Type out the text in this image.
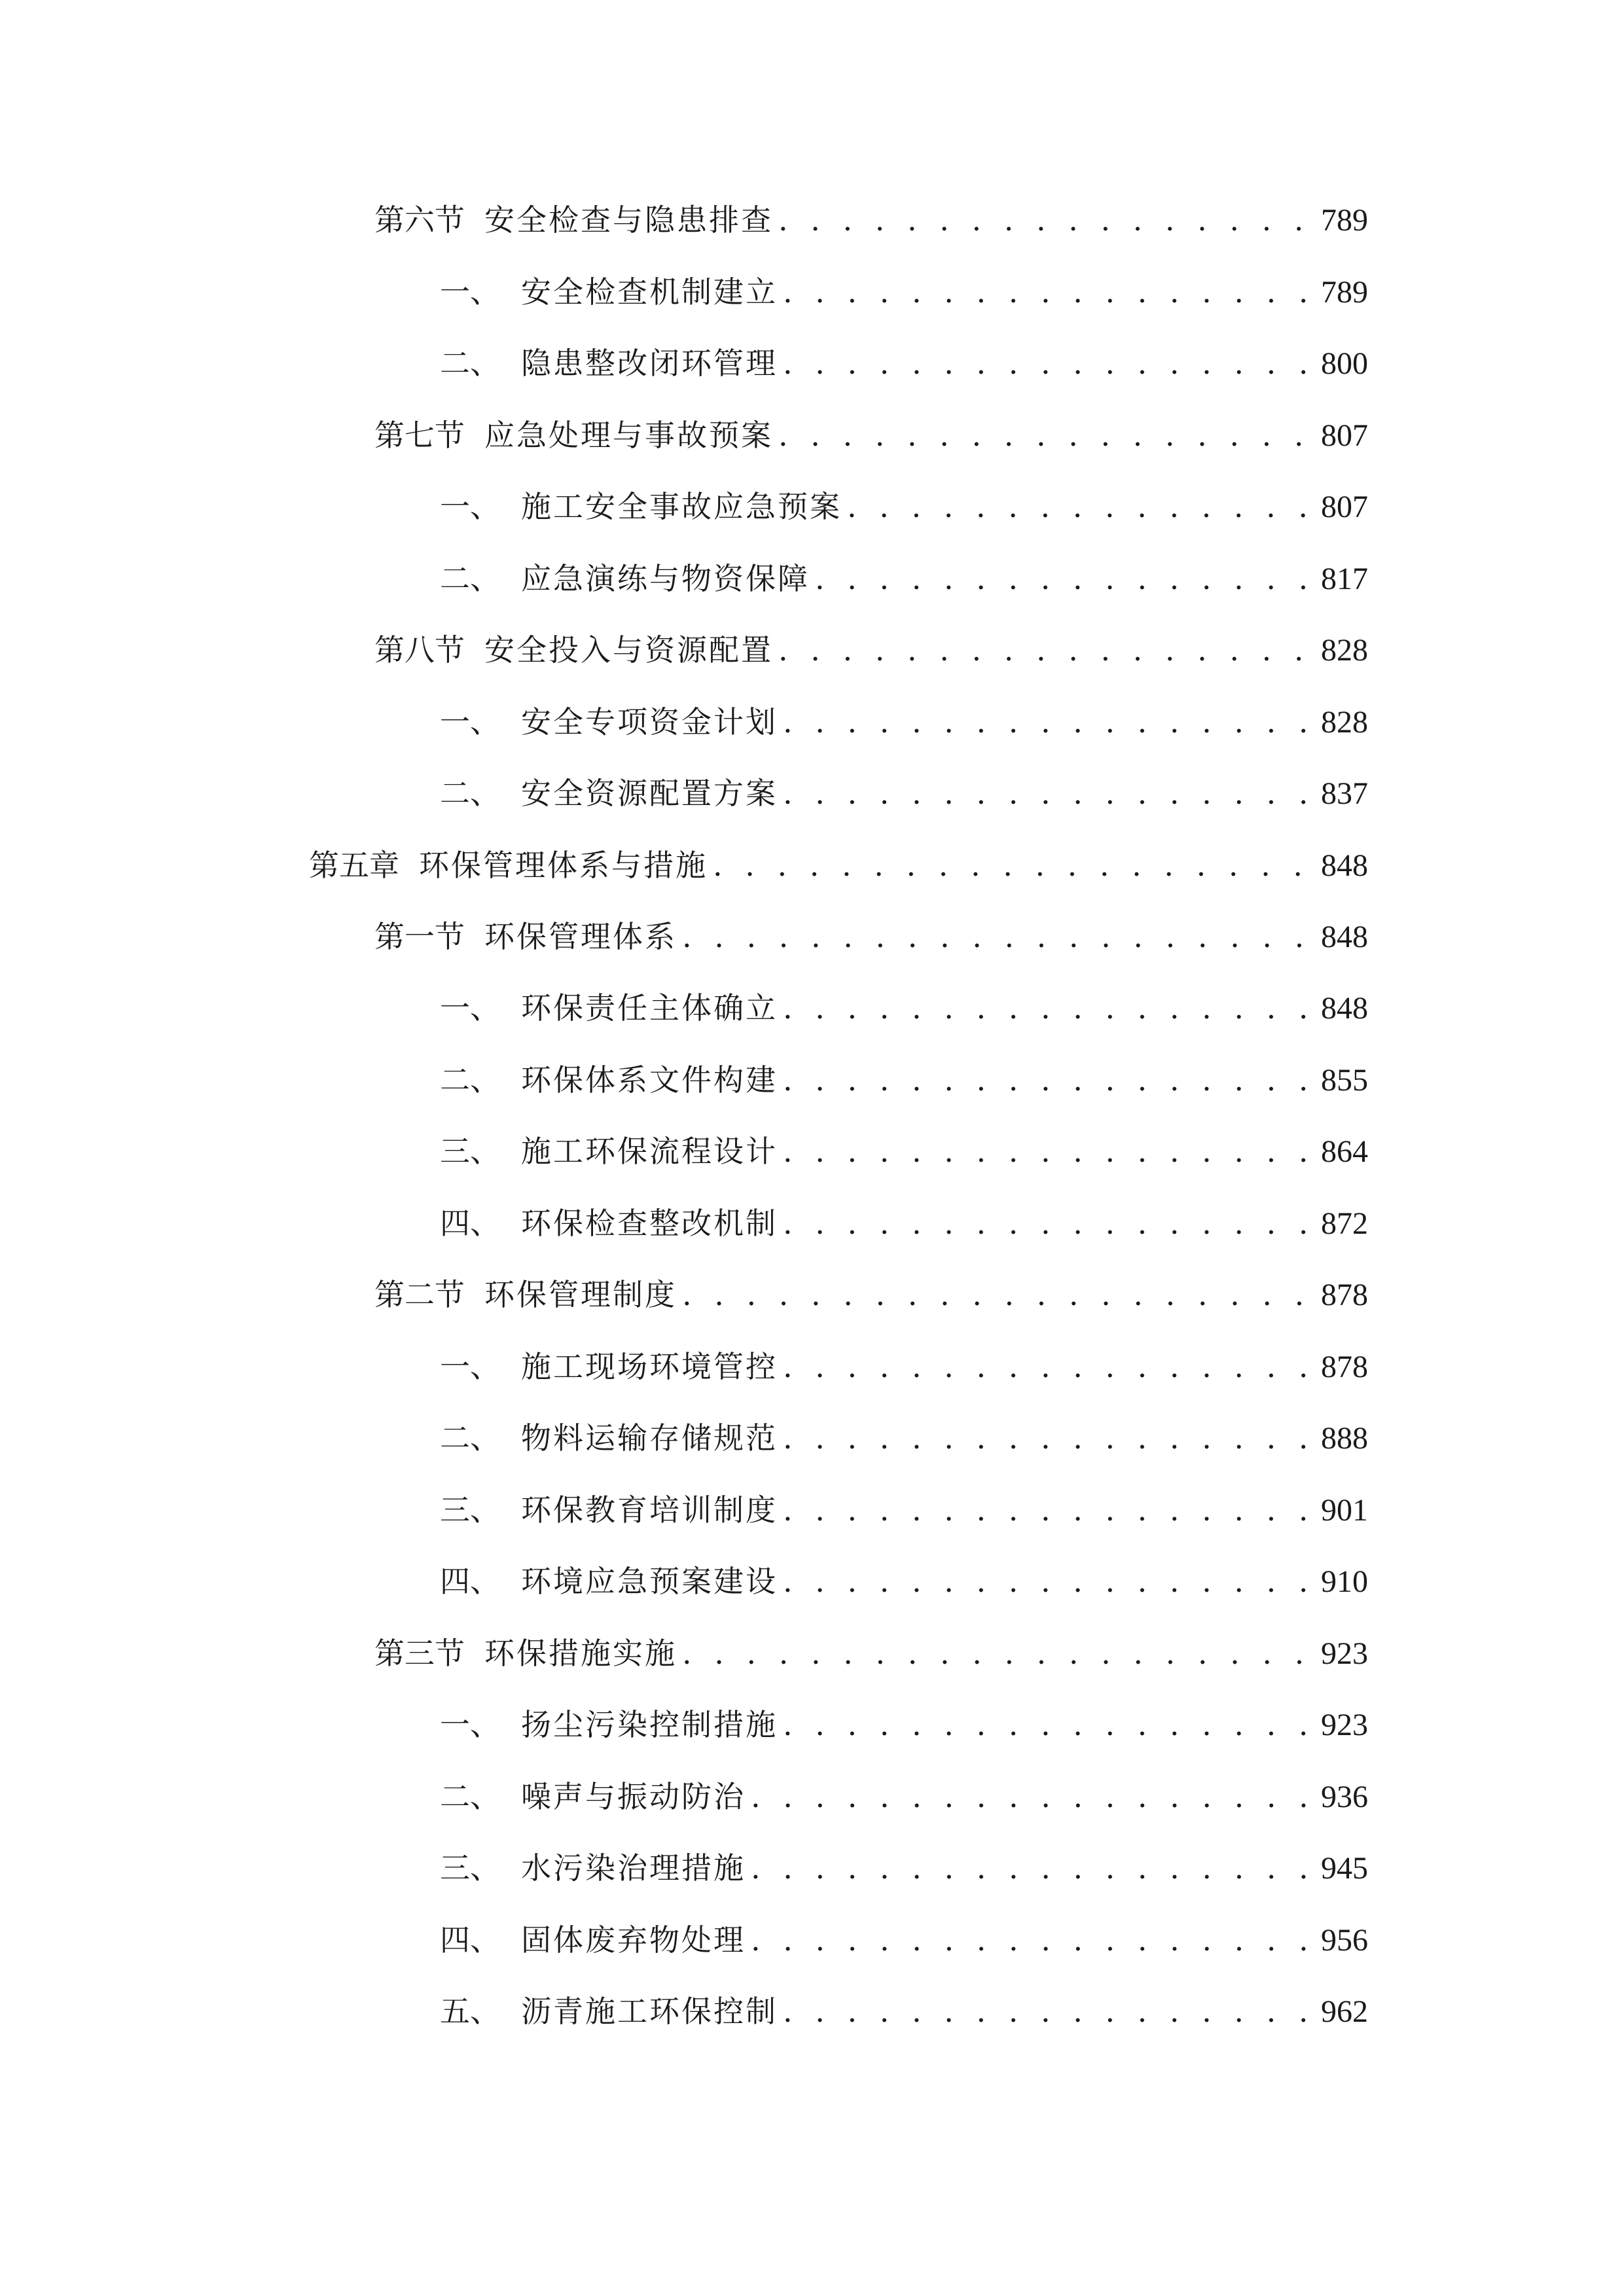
第六节 安全检查与隐患排查 . . .	789
一、 安全检查机制建立 . . .	789
二、 隐患整改闭环管理 . . .	800
第七节 应急处理与事故预案 . . .	807
一、 施工安全事故应急预案 . . .	807
二、 应急演练与物资保障 . . .	817
第八节 安全投入与资源配置 . . .	828
一、 安全专项资金计划 . . .	828
二、 安全资源配置方案 . . .	837
第五章 环保管理体系与措施 . . .	848
第一节 环保管理体系 . . .	848
一、 环保责任主体确立 . . .	848
二、 环保体系文件构建 . . .	855
三、 施工环保流程设计 . . .	864
四、 环保检查整改机制 . . .	872
第二节 环保管理制度 . . .	878
一、 施工现场环境管控 . . .	878
二、 物料运输存储规范 . . .	888
三、 环保教育培训制度 . . .	901
四、 环境应急预案建设 . . .	910
第三节 环保措施实施 . . .	923
一、 扬尘污染控制措施 . . .	923
二、 噪声与振动防治 . . .	936
三、 水污染治理措施 . . .	945
四、 固体废弃物处理 . . .	956
五、 沥青施工环保控制 . . .	962
